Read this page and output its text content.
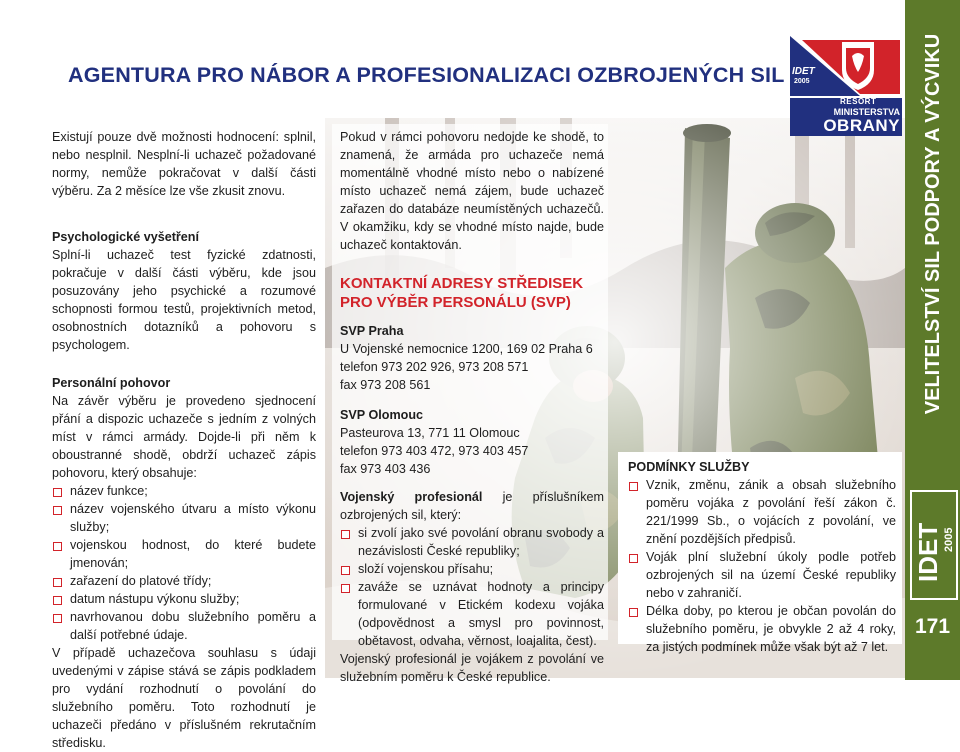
AGENTURA PRO NÁBOR A PROFESIONALIZACI OZBROJENÝCH SIL IDET
2005
RESORT
MINISTERSTVA
OBRANY	VELITELSTVÍ SIL PODPORY A VÝCVIKU
IDET 2005
171

Existují pouze dvě možnosti hodnocení: splnil, nebo nesplnil. Nesplní-li uchazeč požadované normy, nemůže pokračovat v další části výběru. Za 2 měsíce lze vše zkusit znovu.

Psychologické vyšetření

Splní-li uchazeč test fyzické zdatnosti, pokračuje v další části výběru, kde jsou posuzovány jeho psychické a rozumové schopnosti formou testů, projektivních metod, osobnostních dotazníků a pohovoru s psychologem.

Personální pohovor

Na závěr výběru je provedeno sjednocení přání a dispozic uchazeče s jedním z volných míst v rámci armády. Dojde-li při něm k oboustranné shodě, obdrží uchazeč zápis pohovoru, který obsahuje:

název funkce;
název vojenského útvaru a místo výkonu služby;
vojenskou hodnost, do které budete jmenován;
zařazení do platové třídy;
datum nástupu výkonu služby;
navrhovanou dobu služebního poměru a další potřebné údaje.

V případě uchazečova souhlasu s údaji uvedenými v zápise stává se zápis podkladem pro vydání rozhodnutí o povolání do služebního poměru. Toto rozhodnutí je uchazeči předáno v příslušném rekrutačním středisku.

Pokud v rámci pohovoru nedojde ke shodě, to znamená, že armáda pro uchazeče nemá momentálně vhodné místo nebo o nabízené místo uchazeč nemá zájem, bude uchazeč zařazen do databáze neumístěných uchazečů. V okamžiku, kdy se vhodné místo najde, bude uchazeč kontaktován.

KONTAKTNÍ ADRESY STŘEDISEK PRO VÝBĚR PERSONÁLU (SVP)

SVP Praha

U Vojenské nemocnice 1200, 169 02 Praha 6

telefon 973 202 926, 973 208 571

fax 973 208 561

SVP Olomouc

Pasteurova 13, 771 11 Olomouc

telefon 973 403 472, 973 403 457

fax 973 403 436

Vojenský profesionál je příslušníkem ozbrojených sil, který:

si zvolí jako své povolání obranu svobody a nezávislosti České republiky;
složí vojenskou přísahu;
zaváže se uznávat hodnoty a principy formulované v Etickém kodexu vojáka (odpovědnost a smysl pro povinnost, obětavost, odvaha, věrnost, loajalita, čest).

Vojenský profesionál je vojákem z povolání ve služebním poměru k České republice.

PODMÍNKY SLUŽBY

Vznik, změnu, zánik a obsah služebního poměru vojáka z povolání řeší zákon č. 221/1999 Sb., o vojácích z povolání, ve znění pozdějších předpisů.
Voják plní služební úkoly podle potřeb ozbrojených sil na území České republiky nebo v zahraničí.
Délka doby, po kterou je občan povolán do služebního poměru, je obvykle 2 až 4 roky, za jistých podmínek může však být až 7 let.
